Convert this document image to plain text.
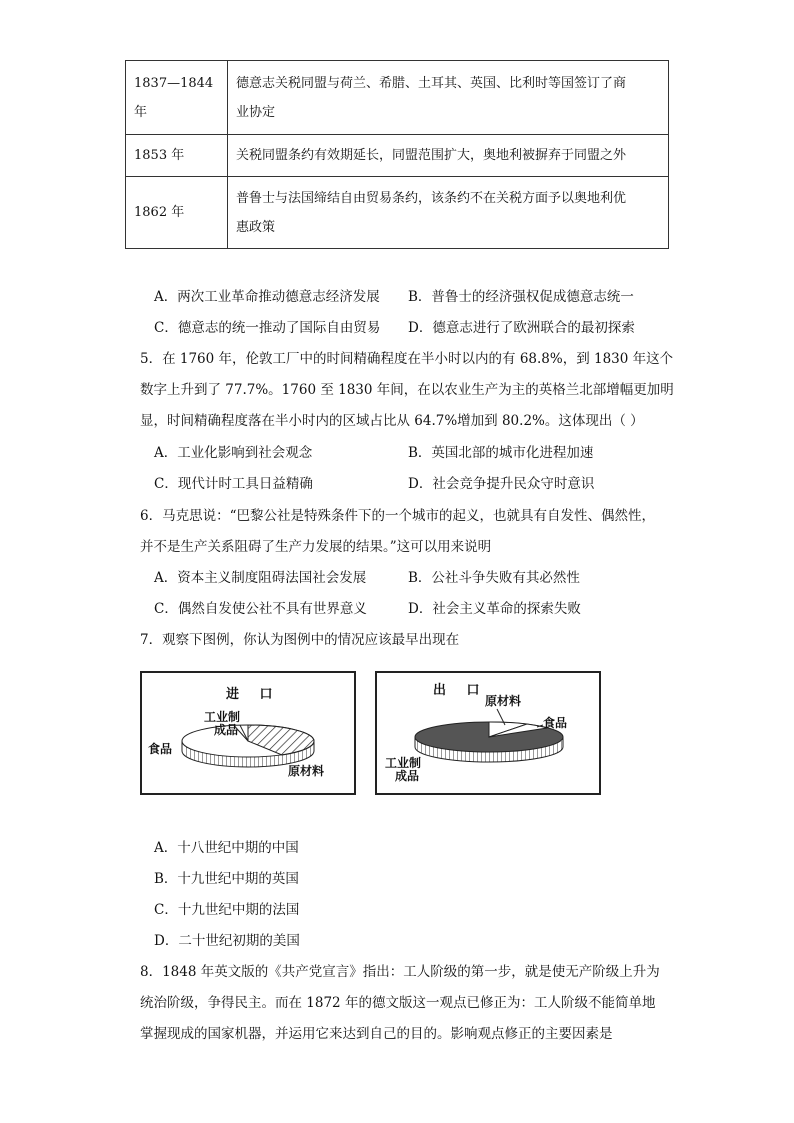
1837—1844年	德意志关税同盟与荷兰、希腊、土耳其、英国、比利时等国签订了商
业协定

1853 年	关税同盟条约有效期延长，同盟范围扩大，奥地利被摒弃于同盟之外
1862 年	普鲁士与法国缔结自由贸易条约，该条约不在关税方面予以奥地利优
惠政策
A．两次工业革命推动德意志经济发展 B．普鲁士的经济强权促成德意志统一
C．德意志的统一推动了国际自由贸易 D．德意志进行了欧洲联合的最初探索
5．在 1760 年，伦敦工厂中的时间精确程度在半小时以内的有 68.8%，到 1830 年这个
数字上升到了 77.7%。1760 至 1830 年间，在以农业生产为主的英格兰北部增幅更加明
显，时间精确程度落在半小时内的区域占比从 64.7%增加到 80.2%。这体现出（ ）
A．工业化影响到社会观念	B．英国北部的城市化进程加速
C．现代计时工具日益精确	D．社会竞争提升民众守时意识
6．马克思说：“巴黎公社是特殊条件下的一个城市的起义，也就具有自发性、偶然性，
并不是生产关系阻碍了生产力发展的结果。”这可以用来说明
A．资本主义制度阻碍法国社会发展	B．公社斗争失败有其必然性
C．偶然自发使公社不具有世界意义	D．社会主义革命的探索失败
7．观察下图例，你认为图例中的情况应该最早出现在
进 口
工业制
成品
食品
原材料
出 口
原材料
食品
工业制
成品
A．十八世纪中期的中国
B．十九世纪中期的英国
C．十九世纪中期的法国
D．二十世纪初期的美国
8．1848 年英文版的《共产党宣言》指出：工人阶级的第一步，就是使无产阶级上升为
统治阶级，争得民主。而在 1872 年的德文版这一观点已修正为：工人阶级不能简单地
掌握现成的国家机器，并运用它来达到自己的目的。影响观点修正的主要因素是
